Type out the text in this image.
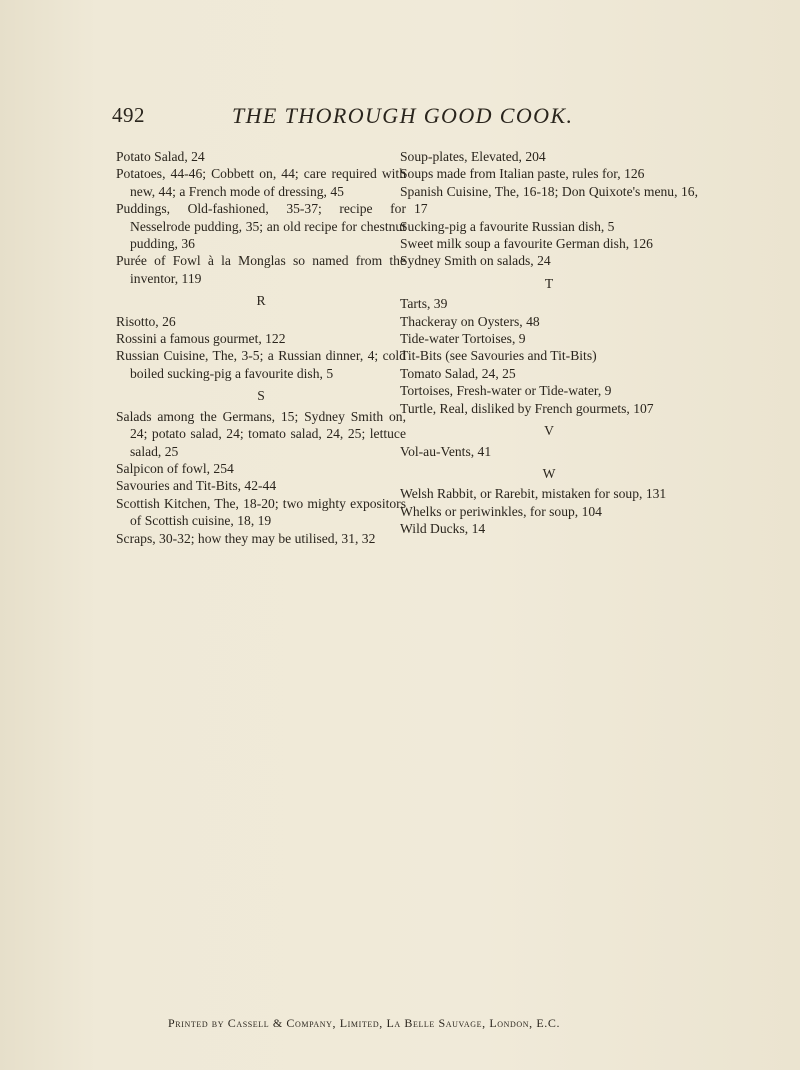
492	THE THOROUGH GOOD COOK.
Potato Salad, 24
Potatoes, 44-46; Cobbett on, 44; care required with new, 44; a French mode of dressing, 45
Puddings, Old-fashioned, 35-37; recipe for Nesselrode pudding, 35; an old recipe for chestnut pudding, 36
Purée of Fowl à la Monglas so named from the inventor, 119
R
Risotto, 26
Rossini a famous gourmet, 122
Russian Cuisine, The, 3-5; a Russian dinner, 4; cold boiled sucking-pig a favourite dish, 5
S
Salads among the Germans, 15; Sydney Smith on, 24; potato salad, 24; tomato salad, 24, 25; lettuce salad, 25
Salpicon of fowl, 254
Savouries and Tit-Bits, 42-44
Scottish Kitchen, The, 18-20; two mighty expositors of Scottish cuisine, 18, 19
Scraps, 30-32; how they may be utilised, 31, 32
Soup-plates, Elevated, 204
Soups made from Italian paste, rules for, 126
Spanish Cuisine, The, 16-18; Don Quixote's menu, 16, 17
Sucking-pig a favourite Russian dish, 5
Sweet milk soup a favourite German dish, 126
Sydney Smith on salads, 24
T
Tarts, 39
Thackeray on Oysters, 48
Tide-water Tortoises, 9
Tit-Bits (see Savouries and Tit-Bits)
Tomato Salad, 24, 25
Tortoises, Fresh-water or Tide-water, 9
Turtle, Real, disliked by French gourmets, 107
V
Vol-au-Vents, 41
W
Welsh Rabbit, or Rarebit, mistaken for soup, 131
Whelks or periwinkles, for soup, 104
Wild Ducks, 14
Printed by Cassell & Company, Limited, La Belle Sauvage, London, E.C.
